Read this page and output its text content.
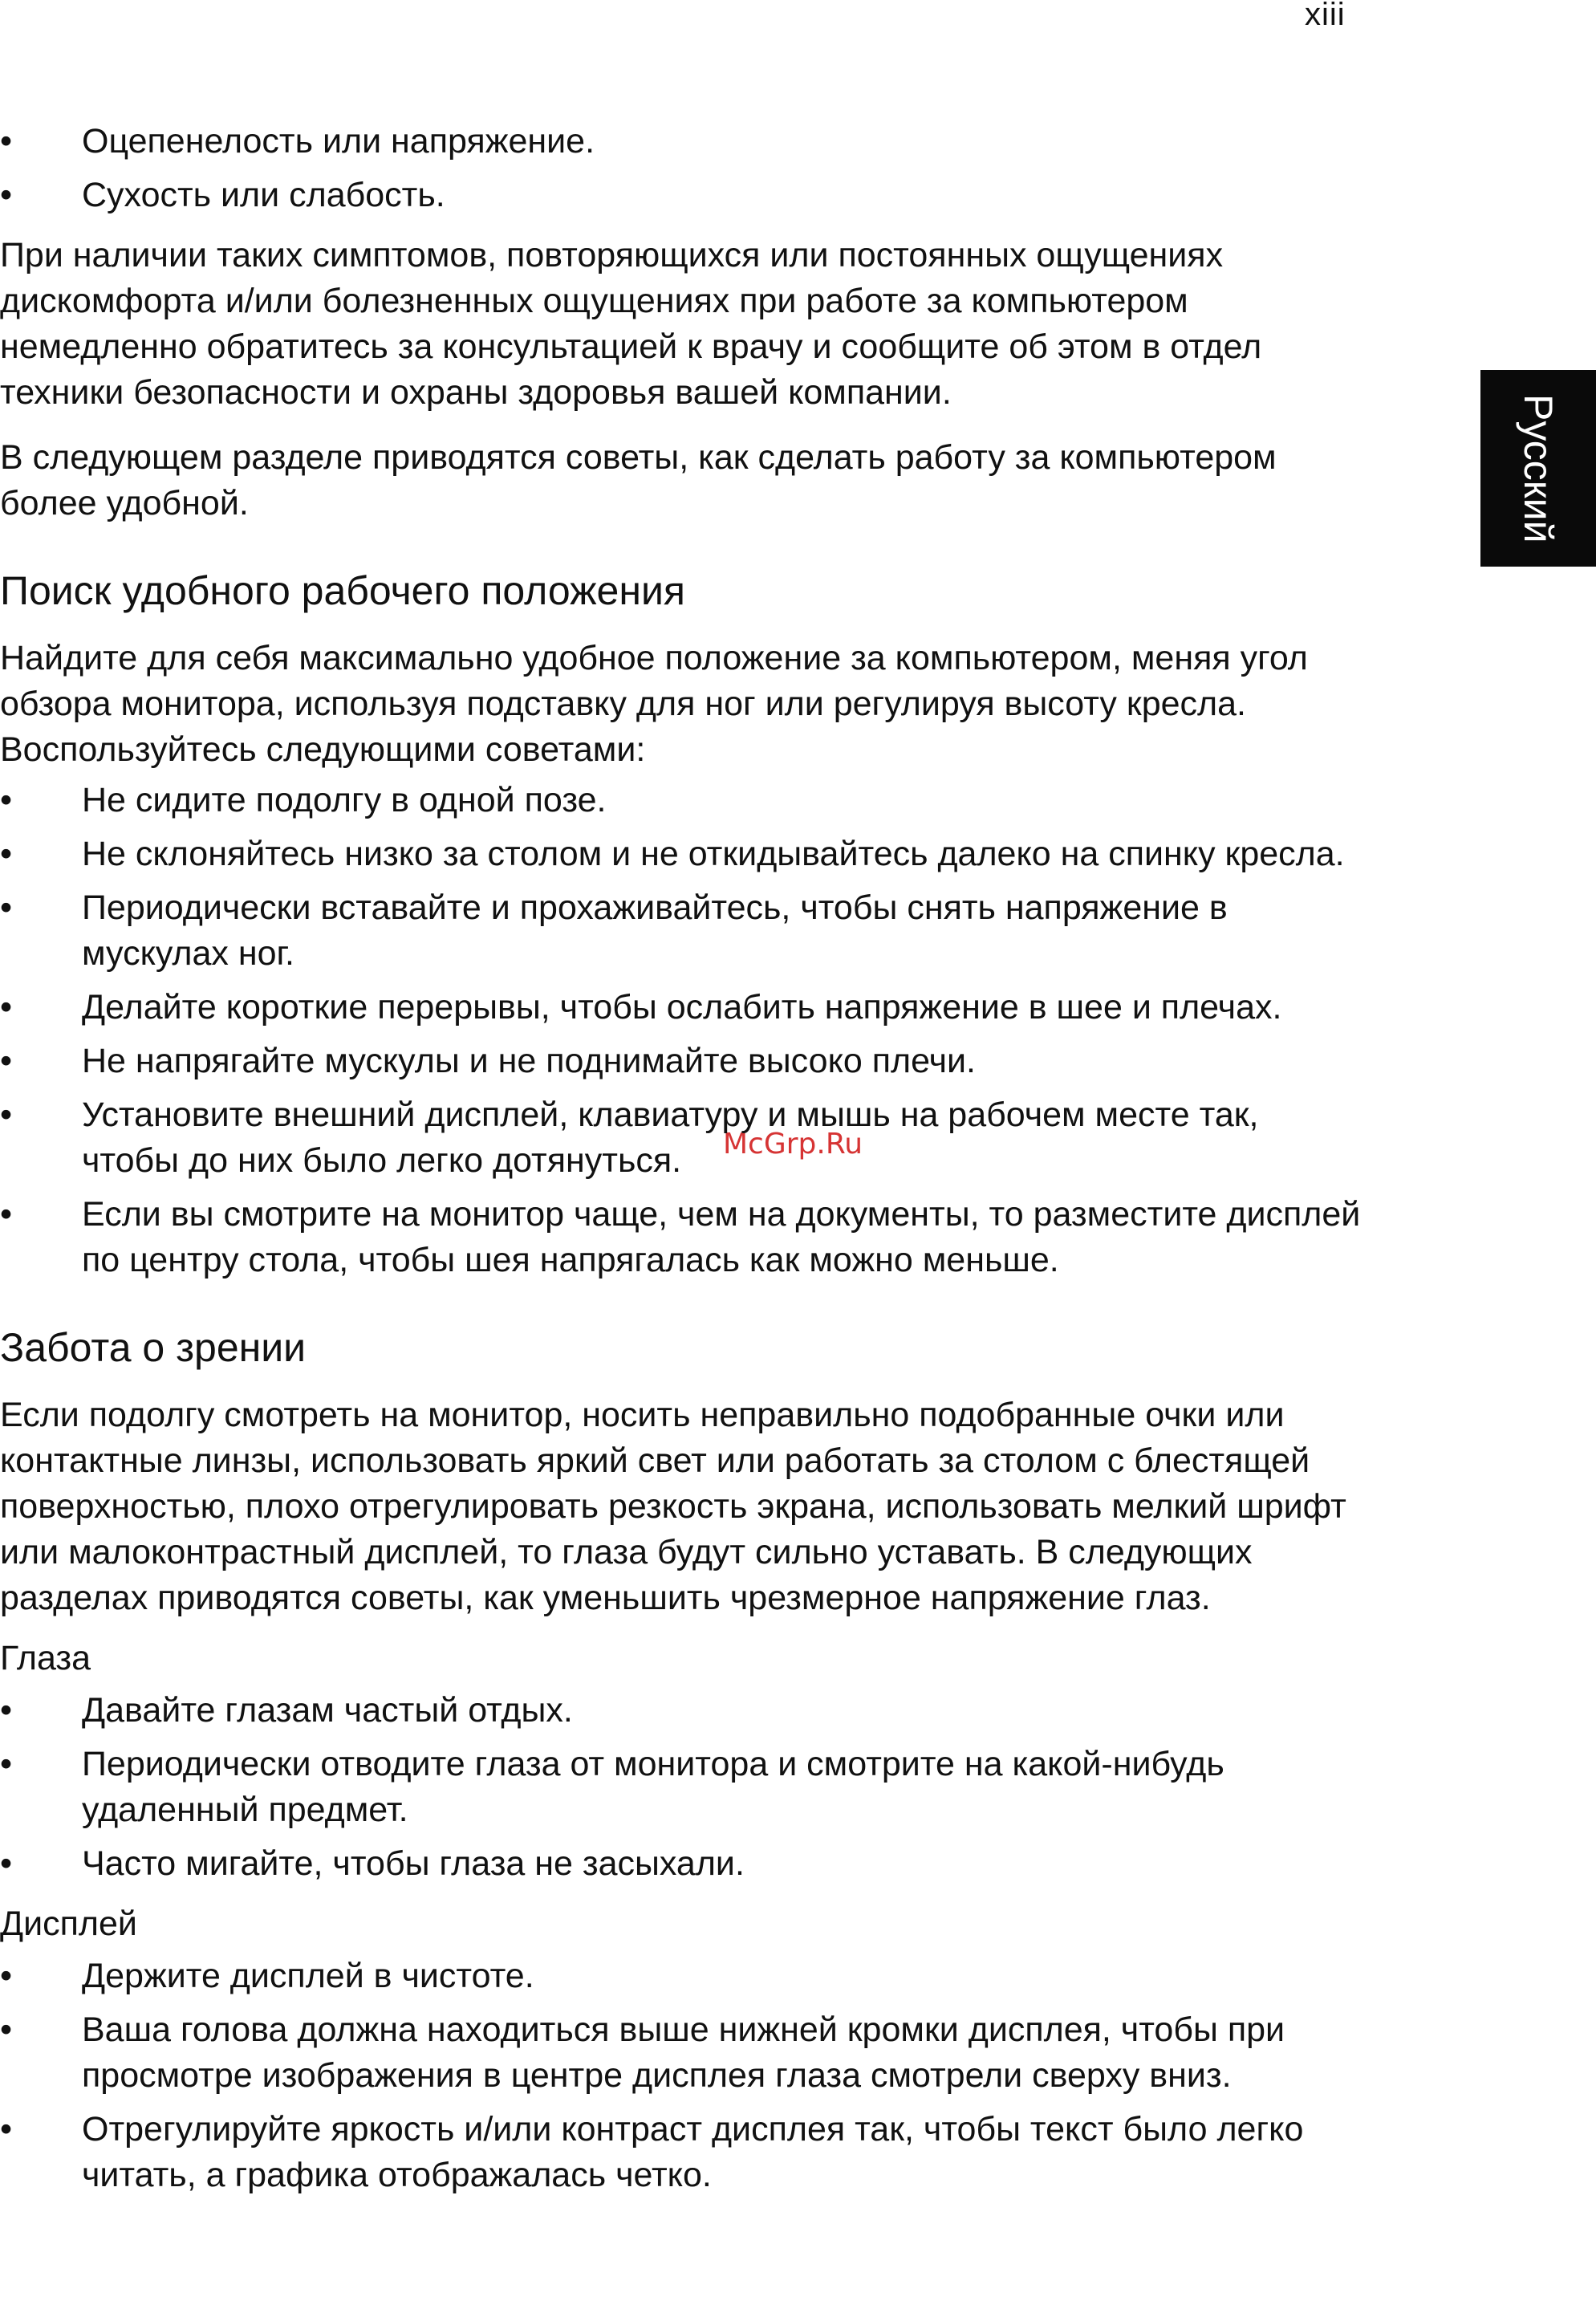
xiii
Русский
McGrp.Ru
• Оцепенелость или напряжение.
• Сухость или слабость.

При наличии таких симптомов, повторяющихся или постоянных ощущениях дискомфорта и/или болезненных ощущениях при работе за компьютером немедленно обратитесь за консультацией к врачу и сообщите об этом в отдел техники безопасности и охраны здоровья вашей компании.

В следующем разделе приводятся советы, как сделать работу за компьютером более удобной.

Поиск удобного рабочего положения

Найдите для себя максимально удобное положение за компьютером, меняя угол обзора монитора, используя подставку для ног или регулируя высоту кресла. Воспользуйтесь следующими советами:

• Не сидите подолгу в одной позе.
• Не склоняйтесь низко за столом и не откидывайтесь далеко на спинку кресла.
• Периодически вставайте и прохаживайтесь, чтобы снять напряжение в мускулах ног.
• Делайте короткие перерывы, чтобы ослабить напряжение в шее и плечах.
• Не напрягайте мускулы и не поднимайте высоко плечи.
• Установите внешний дисплей, клавиатуру и мышь на рабочем месте так, чтобы до них было легко дотянуться.
• Если вы смотрите на монитор чаще, чем на документы, то разместите дисплей по центру стола, чтобы шея напрягалась как можно меньше.
Забота о зрении

Если подолгу смотреть на монитор, носить неправильно подобранные очки или контактные линзы, использовать яркий свет или работать за столом с блестящей поверхностью, плохо отрегулировать резкость экрана, использовать мелкий шрифт или малоконтрастный дисплей, то глаза будут сильно уставать. В следующих разделах приводятся советы, как уменьшить чрезмерное напряжение глаз.

Глаза
• Давайте глазам частый отдых.
• Периодически отводите глаза от монитора и смотрите на какой-нибудь удаленный предмет.
• Часто мигайте, чтобы глаза не засыхали.
Дисплей
• Держите дисплей в чистоте.
• Ваша голова должна находиться выше нижней кромки дисплея, чтобы при просмотре изображения в центре дисплея глаза смотрели сверху вниз.
• Отрегулируйте яркость и/или контраст дисплея так, чтобы текст было легко читать, а графика отображалась четко.
